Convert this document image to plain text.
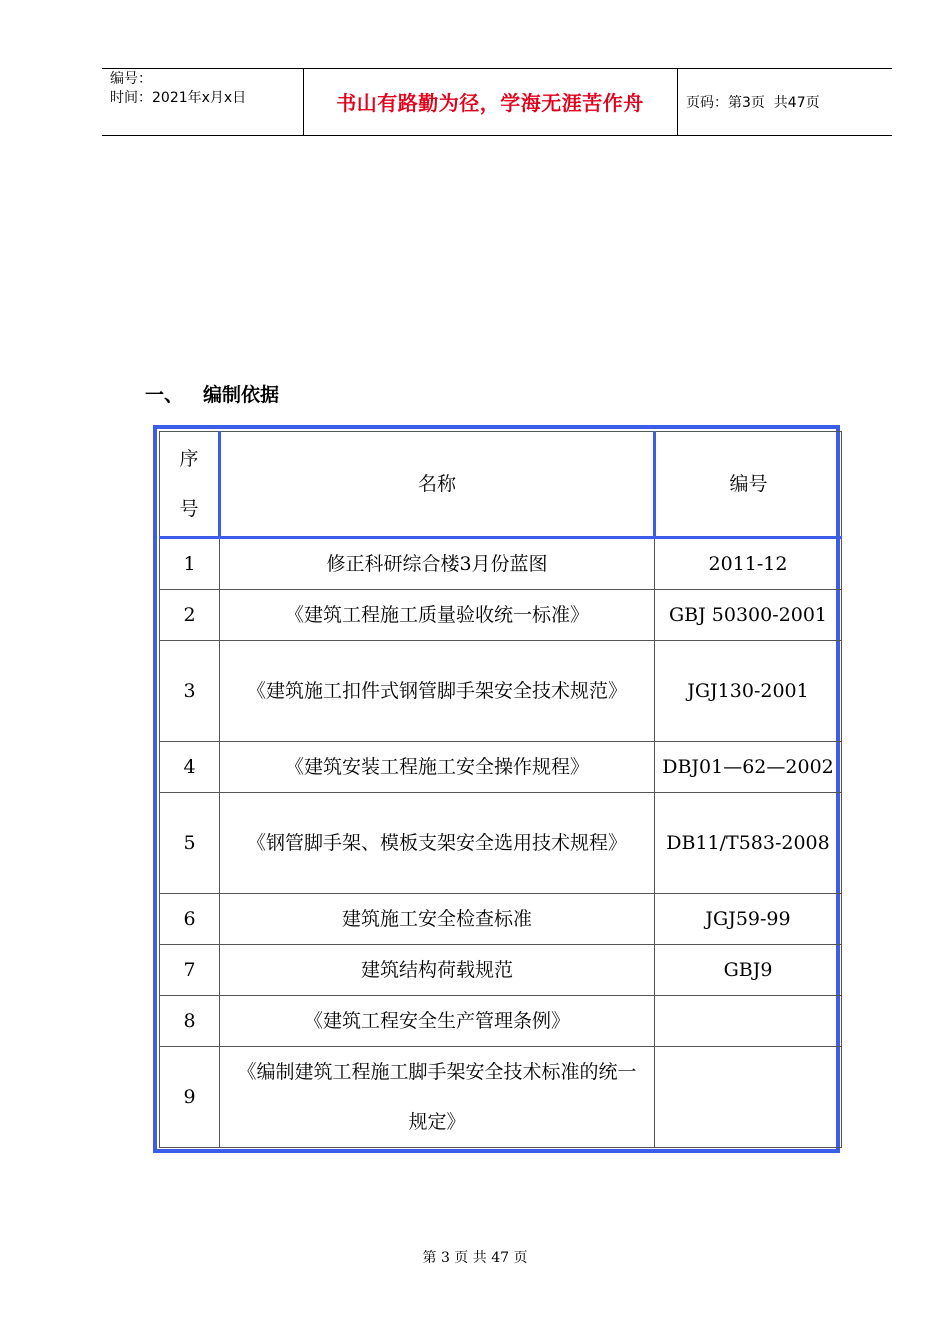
编号：
时间：2021年x月x日	书山有路勤为径，学海无涯苦作舟	页码：第3页  共47页
一、	编制依据
序号	名称	编号
1	修正科研综合楼3月份蓝图	2011-12
2	《建筑工程施工质量验收统一标准》	GBJ 50300-2001
3	《建筑施工扣件式钢管脚手架安全技术规范》	JGJ130-2001
4	《建筑安装工程施工安全操作规程》	DBJ01—62—2002
5	《钢管脚手架、模板支架安全选用技术规程》	DB11/T583-2008
6	建筑施工安全检查标准	JGJ59-99
7	建筑结构荷载规范	GBJ9
8	《建筑工程安全生产管理条例》	
9	《编制建筑工程施工脚手架安全技术标准的统一规定》	
第 3 页 共 47 页
